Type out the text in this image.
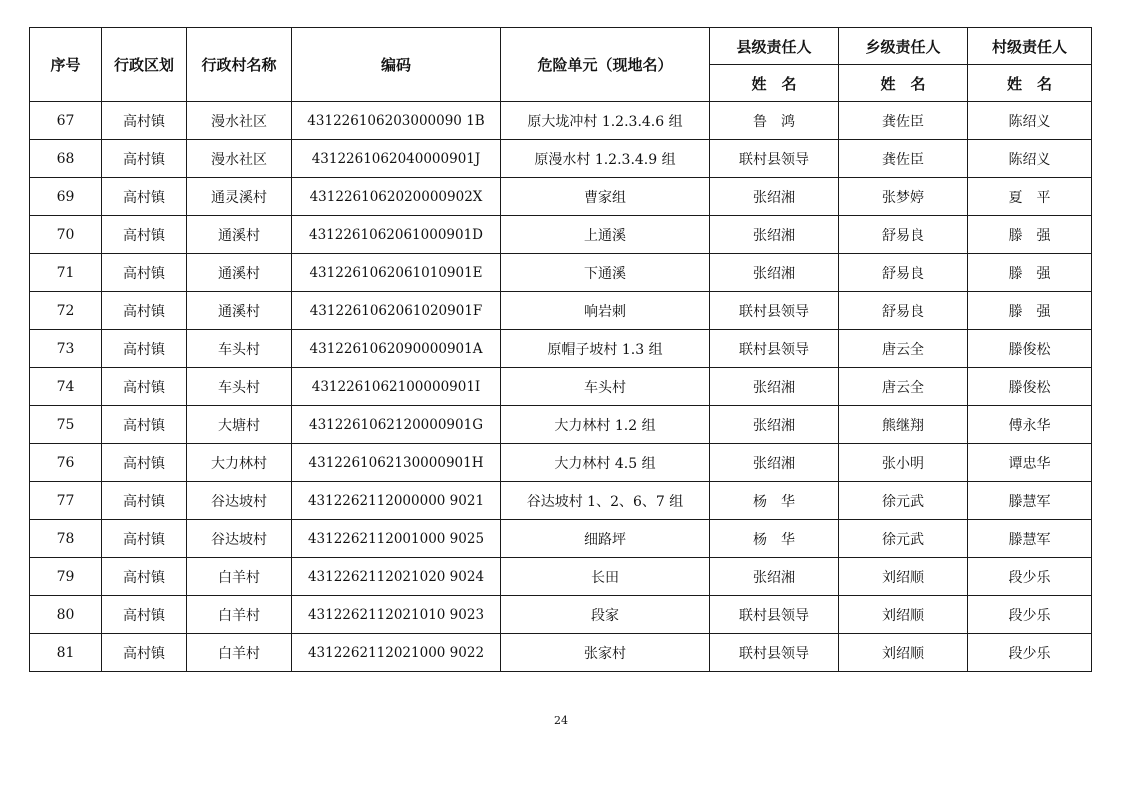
序号	行政区划	行政村名称	编码	危险单元（现地名）	县级责任人	乡级责任人	村级责任人
					姓　名	姓　名	姓　名
67	高村镇	漫水社区	431226106203000090 1B	原大垅冲村 1.2.3.4.6 组	鲁　鸿	龚佐臣	陈绍义
68	高村镇	漫水社区	4312261062040000901J	原漫水村 1.2.3.4.9 组	联村县领导	龚佐臣	陈绍义
69	高村镇	通灵溪村	4312261062020000902X	曹家组	张绍湘	张梦婷	夏　平
70	高村镇	通溪村	4312261062061000901D	上通溪	张绍湘	舒易良	滕　强
71	高村镇	通溪村	4312261062061010901E	下通溪	张绍湘	舒易良	滕　强
72	高村镇	通溪村	4312261062061020901F	响岩刺	联村县领导	舒易良	滕　强
73	高村镇	车头村	4312261062090000901A	原帽子坡村 1.3 组	联村县领导	唐云全	滕俊松
74	高村镇	车头村	4312261062100000901I	车头村	张绍湘	唐云全	滕俊松
75	高村镇	大塘村	4312261062120000901G	大力林村 1.2 组	张绍湘	熊继翔	傅永华
76	高村镇	大力林村	4312261062130000901H	大力林村 4.5 组	张绍湘	张小明	谭忠华
77	高村镇	谷达坡村	4312262112000000 9021	谷达坡村 1、2、6、7 组	杨　华	徐元武	滕慧军
78	高村镇	谷达坡村	4312262112001000 9025	细路坪	杨　华	徐元武	滕慧军
79	高村镇	白羊村	4312262112021020 9024	长田	张绍湘	刘绍顺	段少乐
80	高村镇	白羊村	4312262112021010 9023	段家	联村县领导	刘绍顺	段少乐
81	高村镇	白羊村	4312262112021000 9022	张家村	联村县领导	刘绍顺	段少乐
24
